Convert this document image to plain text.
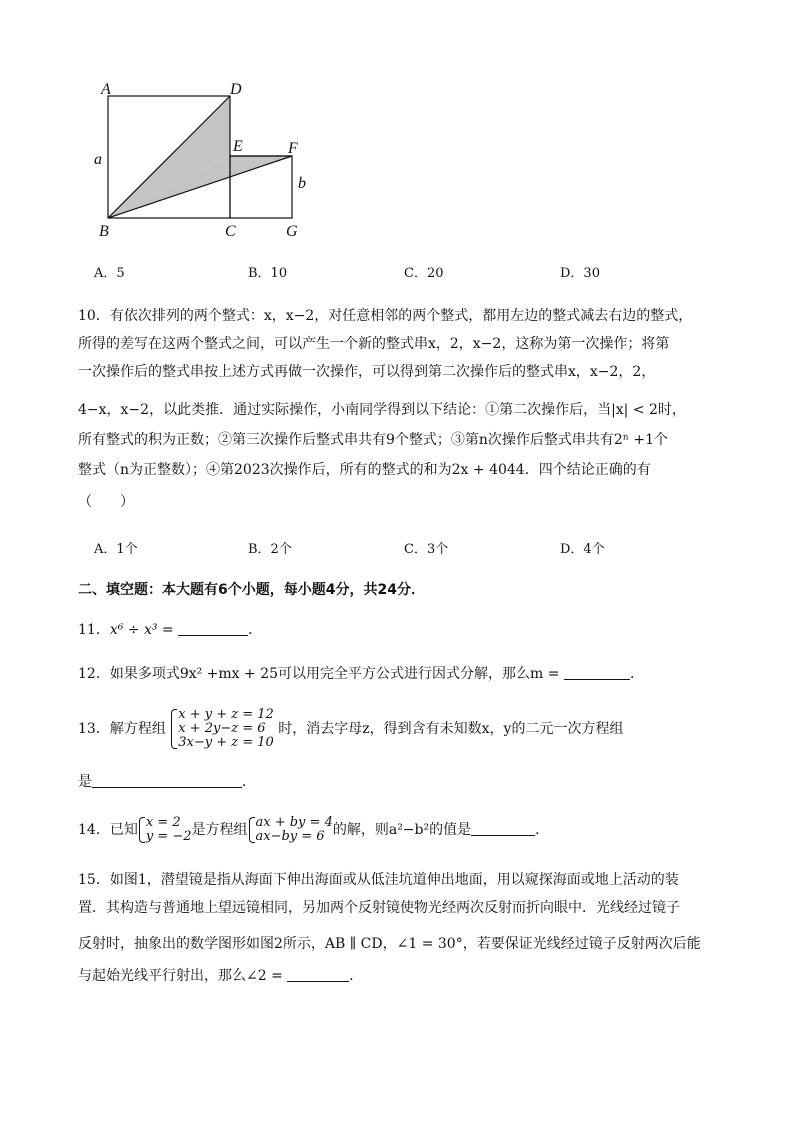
A	D
E	F
B	C	G
a
b
A．5	B．10	C．20	D．30
10．有依次排列的两个整式：x，x−2，对任意相邻的两个整式，都用左边的整式减去右边的整式，
所得的差写在这两个整式之间，可以产生一个新的整式串x，2，x−2，这称为第一次操作；将第
一次操作后的整式串按上述方式再做一次操作，可以得到第二次操作后的整式串x，x−2，2，
4−x，x−2，以此类推．通过实际操作，小南同学得到以下结论：①第二次操作后，当|x| < 2时，
所有整式的积为正数；②第三次操作后整式串共有9个整式；③第n次操作后整式串共有2ⁿ +1个
整式（n为正整数）；④第2023次操作后，所有的整式的和为2x + 4044．四个结论正确的有
（　　）
A．1个	B．2个	C．3个	D．4个
二、填空题：本大题有6个小题，每小题4分，共24分．
11．x⁶ ÷ x³ =	．
12．如果多项式9x² +mx + 25可以用完全平方公式进行因式分解，那么m =	．
13．解方程组
x + y + z = 12
x + 2y−z = 6
3x−y + z = 10
时，消去字母z，得到含有未知数x，y的二元一次方程组
是	．
14．已知 x = 2
y = −2 是方程组 ax + by = 4
ax−by = 6 的解，则a²−b²的值是	．
15．如图1，潜望镜是指从海面下伸出海面或从低洼坑道伸出地面，用以窥探海面或地上活动的装
置．其构造与普通地上望远镜相同，另加两个反射镜使物光经两次反射而折向眼中．光线经过镜子
反射时，抽象出的数学图形如图2所示，AB ∥ CD，∠1 = 30°，若要保证光线经过镜子反射两次后能
与起始光线平行射出，那么∠2 =	．
